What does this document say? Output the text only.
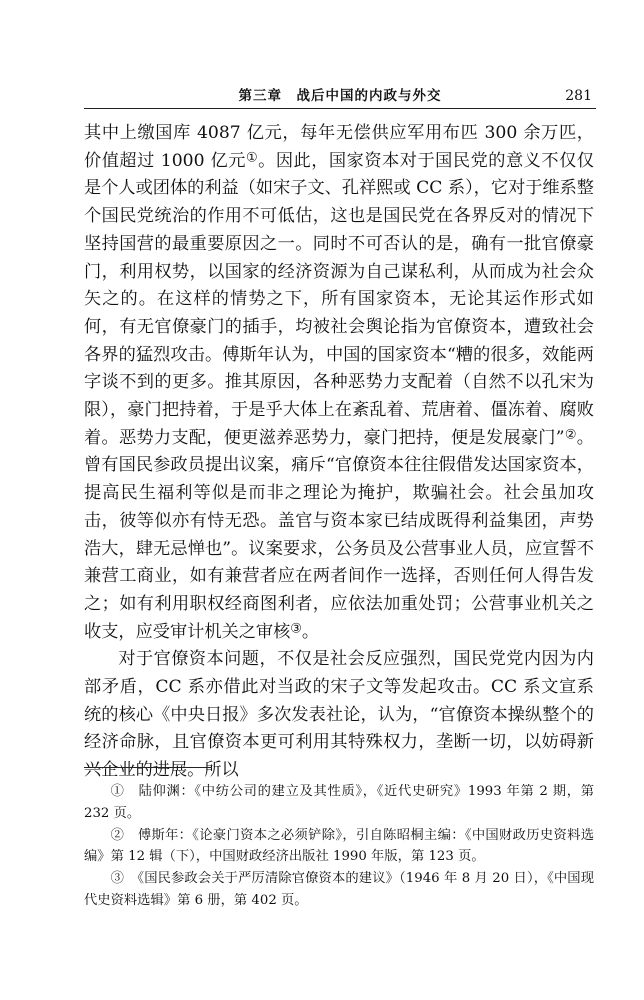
第三章　战后中国的内政与外交	281

其中上缴国库 4087 亿元，每年无偿供应军用布匹 300 余万匹，价值超过 1000 亿元①。因此，国家资本对于国民党的意义不仅仅是个人或团体的利益（如宋子文、孔祥熙或 CC 系），它对于维系整个国民党统治的作用不可低估，这也是国民党在各界反对的情况下坚持国营的最重要原因之一。同时不可否认的是，确有一批官僚豪门，利用权势，以国家的经济资源为自己谋私利，从而成为社会众矢之的。在这样的情势之下，所有国家资本，无论其运作形式如何，有无官僚豪门的插手，均被社会舆论指为官僚资本，遭致社会各界的猛烈攻击。傅斯年认为，中国的国家资本“糟的很多，效能两字谈不到的更多。推其原因，各种恶势力支配着（自然不以孔宋为限），豪门把持着，于是乎大体上在紊乱着、荒唐着、僵冻着、腐败着。恶势力支配，便更滋养恶势力，豪门把持，便是发展豪门”②。曾有国民参政员提出议案，痛斥“官僚资本往往假借发达国家资本，提高民生福利等似是而非之理论为掩护，欺骗社会。社会虽加攻击，彼等似亦有恃无恐。盖官与资本家已结成既得利益集团，声势浩大，肆无忌惮也”。议案要求，公务员及公营事业人员，应宣誓不兼营工商业，如有兼营者应在两者间作一选择，否则任何人得告发之；如有利用职权经商图利者，应依法加重处罚；公营事业机关之收支，应受审计机关之审核③。

对于官僚资本问题，不仅是社会反应强烈，国民党党内因为内部矛盾，CC 系亦借此对当政的宋子文等发起攻击。CC 系文宣系统的核心《中央日报》多次发表社论，认为，“官僚资本操纵整个的经济命脉，且官僚资本更可利用其特殊权力，垄断一切，以妨碍新兴企业的进展。所以

①　 陆仰渊：《中纺公司的建立及其性质》，《近代史研究》1993 年第 2 期，第 232 页。

②　 傅斯年：《论豪门资本之必须铲除》，引自陈昭桐主编：《中国财政历史资料选编》第 12 辑（下），中国财政经济出版社 1990 年版，第 123 页。

③　 《国民参政会关于严厉清除官僚资本的建议》（1946 年 8 月 20 日），《中国现代史资料选辑》第 6 册，第 402 页。
